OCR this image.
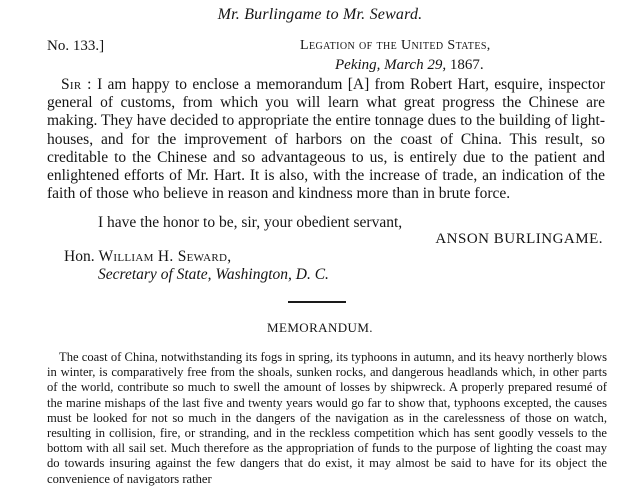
Mr. Burlingame to Mr. Seward.
No. 133.]	Legation of the United States,
Peking, March 29, 1867.

Sir : I am happy to enclose a memorandum [A] from Robert Hart, esquire, inspector general of customs, from which you will learn what great progress the Chinese are making. They have decided to appropriate the entire tonnage dues to the building of light-houses, and for the improvement of harbors on the coast of China. This result, so creditable to the Chinese and so advantageous to us, is entirely due to the patient and enlightened efforts of Mr. Hart. It is also, with the increase of trade, an indication of the faith of those who believe in reason and kindness more than in brute force.

I have the honor to be, sir, your obedient servant,
ANSON BURLINGAME.
Hon. William H. Seward,
Secretary of State, Washington, D. C.
MEMORANDUM.

The coast of China, notwithstanding its fogs in spring, its typhoons in autumn, and its heavy northerly blows in winter, is comparatively free from the shoals, sunken rocks, and dangerous headlands which, in other parts of the world, contribute so much to swell the amount of losses by shipwreck. A properly prepared resumé of the marine mishaps of the last five and twenty years would go far to show that, typhoons excepted, the causes must be looked for not so much in the dangers of the navigation as in the carelessness of those on watch, resulting in collision, fire, or stranding, and in the reckless competition which has sent goodly vessels to the bottom with all sail set. Much therefore as the appropriation of funds to the purpose of lighting the coast may do towards insuring against the few dangers that do exist, it may almost be said to have for its object the convenience of navigators rather
